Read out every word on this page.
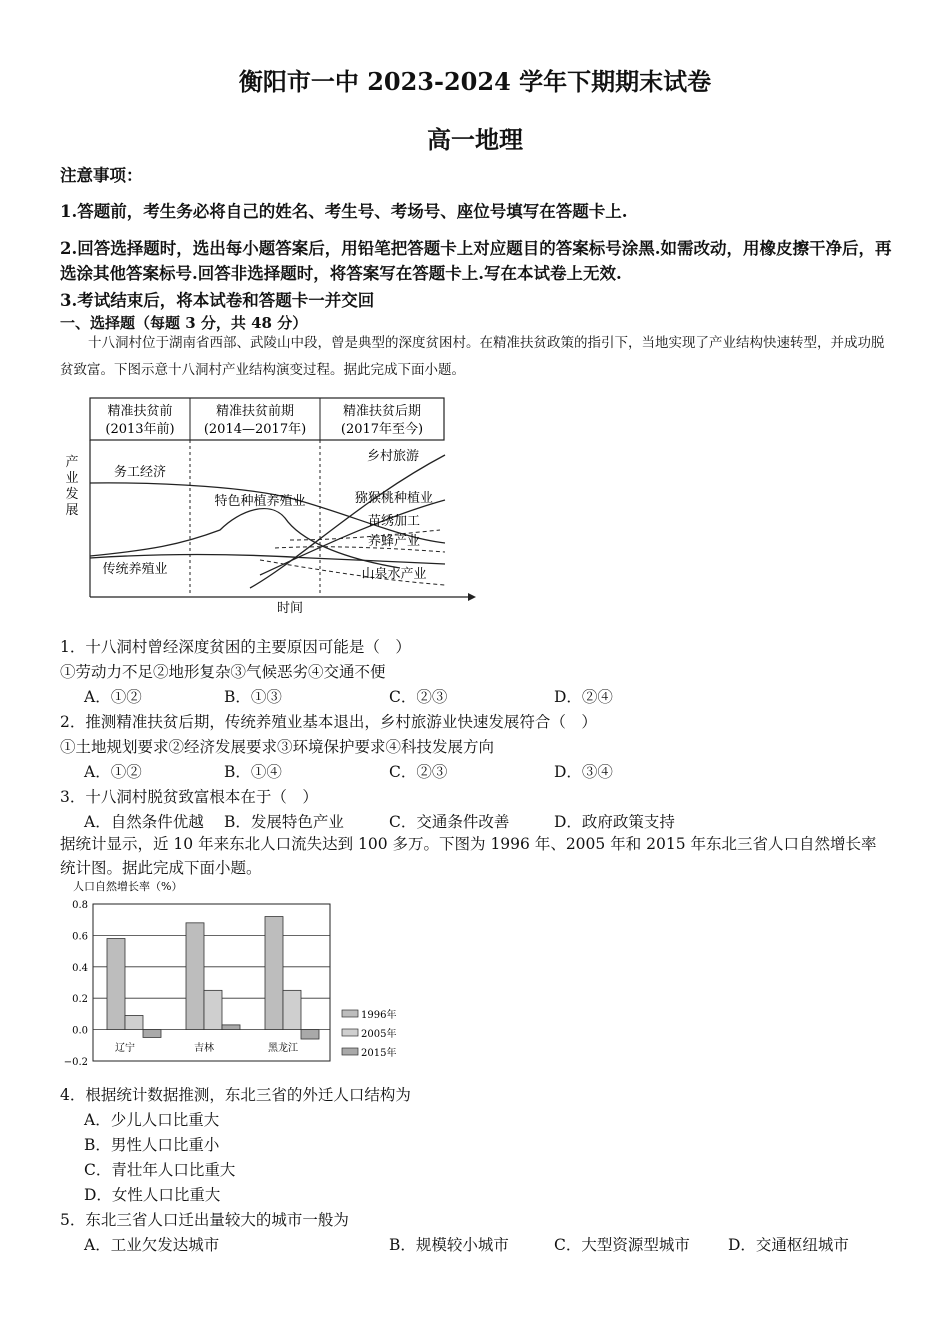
衡阳市一中 2023-2024 学年下期期末试卷
高一地理
注意事项：
1.答题前，考生务必将自己的姓名、考生号、考场号、座位号填写在答题卡上.
2.回答选择题时，选出每小题答案后，用铅笔把答题卡上对应题目的答案标号涂黑.如需改动，用橡皮擦干净后，再选涂其他答案标号.回答非选择题时，将答案写在答题卡上.写在本试卷上无效.
3.考试结束后，将本试卷和答题卡一并交回
一、选择题（每题 3 分，共 48 分）
十八洞村位于湖南省西部、武陵山中段，曾是典型的深度贫困村。在精准扶贫政策的指引下，当地实现了产业结构快速转型，并成功脱贫致富。下图示意十八洞村产业结构演变过程。据此完成下面小题。
精准扶贫前
(2013年前)
精准扶贫前期
(2014—2017年)
精准扶贫后期
(2017年至今)
产
业
发
展
时间
务工经济
特色种植养殖业
传统养殖业
乡村旅游
猕猴桃种植业
苗绣加工
养蜂产业
山泉水产业
1．十八洞村曾经深度贫困的主要原因可能是（　）
①劳动力不足②地形复杂③气候恶劣④交通不便
A．①②	B．①③	C．②③	D．②④
2．推测精准扶贫后期，传统养殖业基本退出，乡村旅游业快速发展符合（　）
①土地规划要求②经济发展要求③环境保护要求④科技发展方向
A．①②	B．①④	C．②③	D．③④
3．十八洞村脱贫致富根本在于（　）
A．自然条件优越 B．发展特色产业	C．交通条件改善	D．政府政策支持
据统计显示，近 10 年来东北人口流失达到 100 多万。下图为 1996 年、2005 年和 2015 年东北三省人口自然增长率统计图。据此完成下面小题。
人口自然增长率（%）
0.8
0.6
0.4
0.2
0.0
−0.2
辽宁	吉林	黑龙江
1996年
2005年
2015年
4．根据统计数据推测，东北三省的外迁人口结构为
A．少儿人口比重大
B．男性人口比重小
C．青壮年人口比重大
D．女性人口比重大
5．东北三省人口迁出量较大的城市一般为
A．工业欠发达城市	B．规模较小城市	C．大型资源型城市 D．交通枢纽城市
